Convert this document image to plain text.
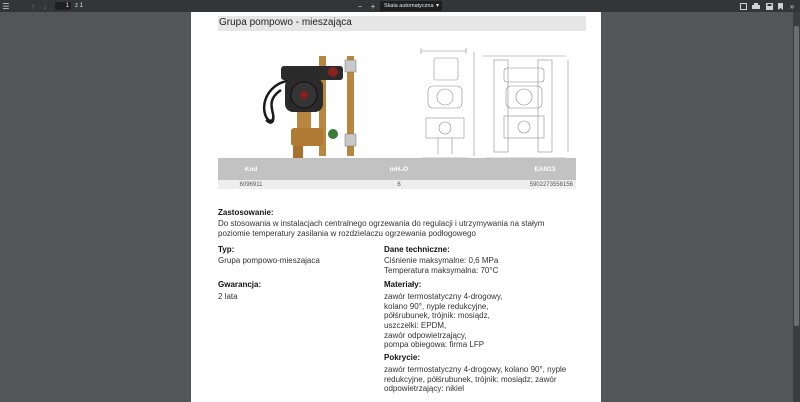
☰	↑	↓	1	z 1	−	+	Skala automatyczna ▾	»
Grupa pompowo - mieszająca
Kod	mH₂O	EAN13
6096911	6	5902273558156
Zastosowanie:
Do stosowania w instalacjach centralnego ogrzewania do regulacji i utrzymywania na stałym
poziomie temperatury zasilania w rozdzielaczu ogrzewania podłogowego
Typ:
Grupa pompowo-mieszajaca
Gwarancja:
2 lata
Dane techniczne:
Ciśnienie maksymalne: 0,6 MPa
Temperatura maksymalna: 70°C
Materiały:
zawór termostatyczny 4-drogowy,
kolano 90°, nyple redukcyjne,
półśrubunek, trójnik: mosiądz,
uszczelki: EPDM,
zawór odpowietrzający,
pompa obiegowa: firma LFP
Pokrycie:
zawór termostatyczny 4-drogowy, kolano 90°, nyple
redukcyjne, półśrubunek, trójnik: mosiądz; zawór
odpowietrzający: nikiel
